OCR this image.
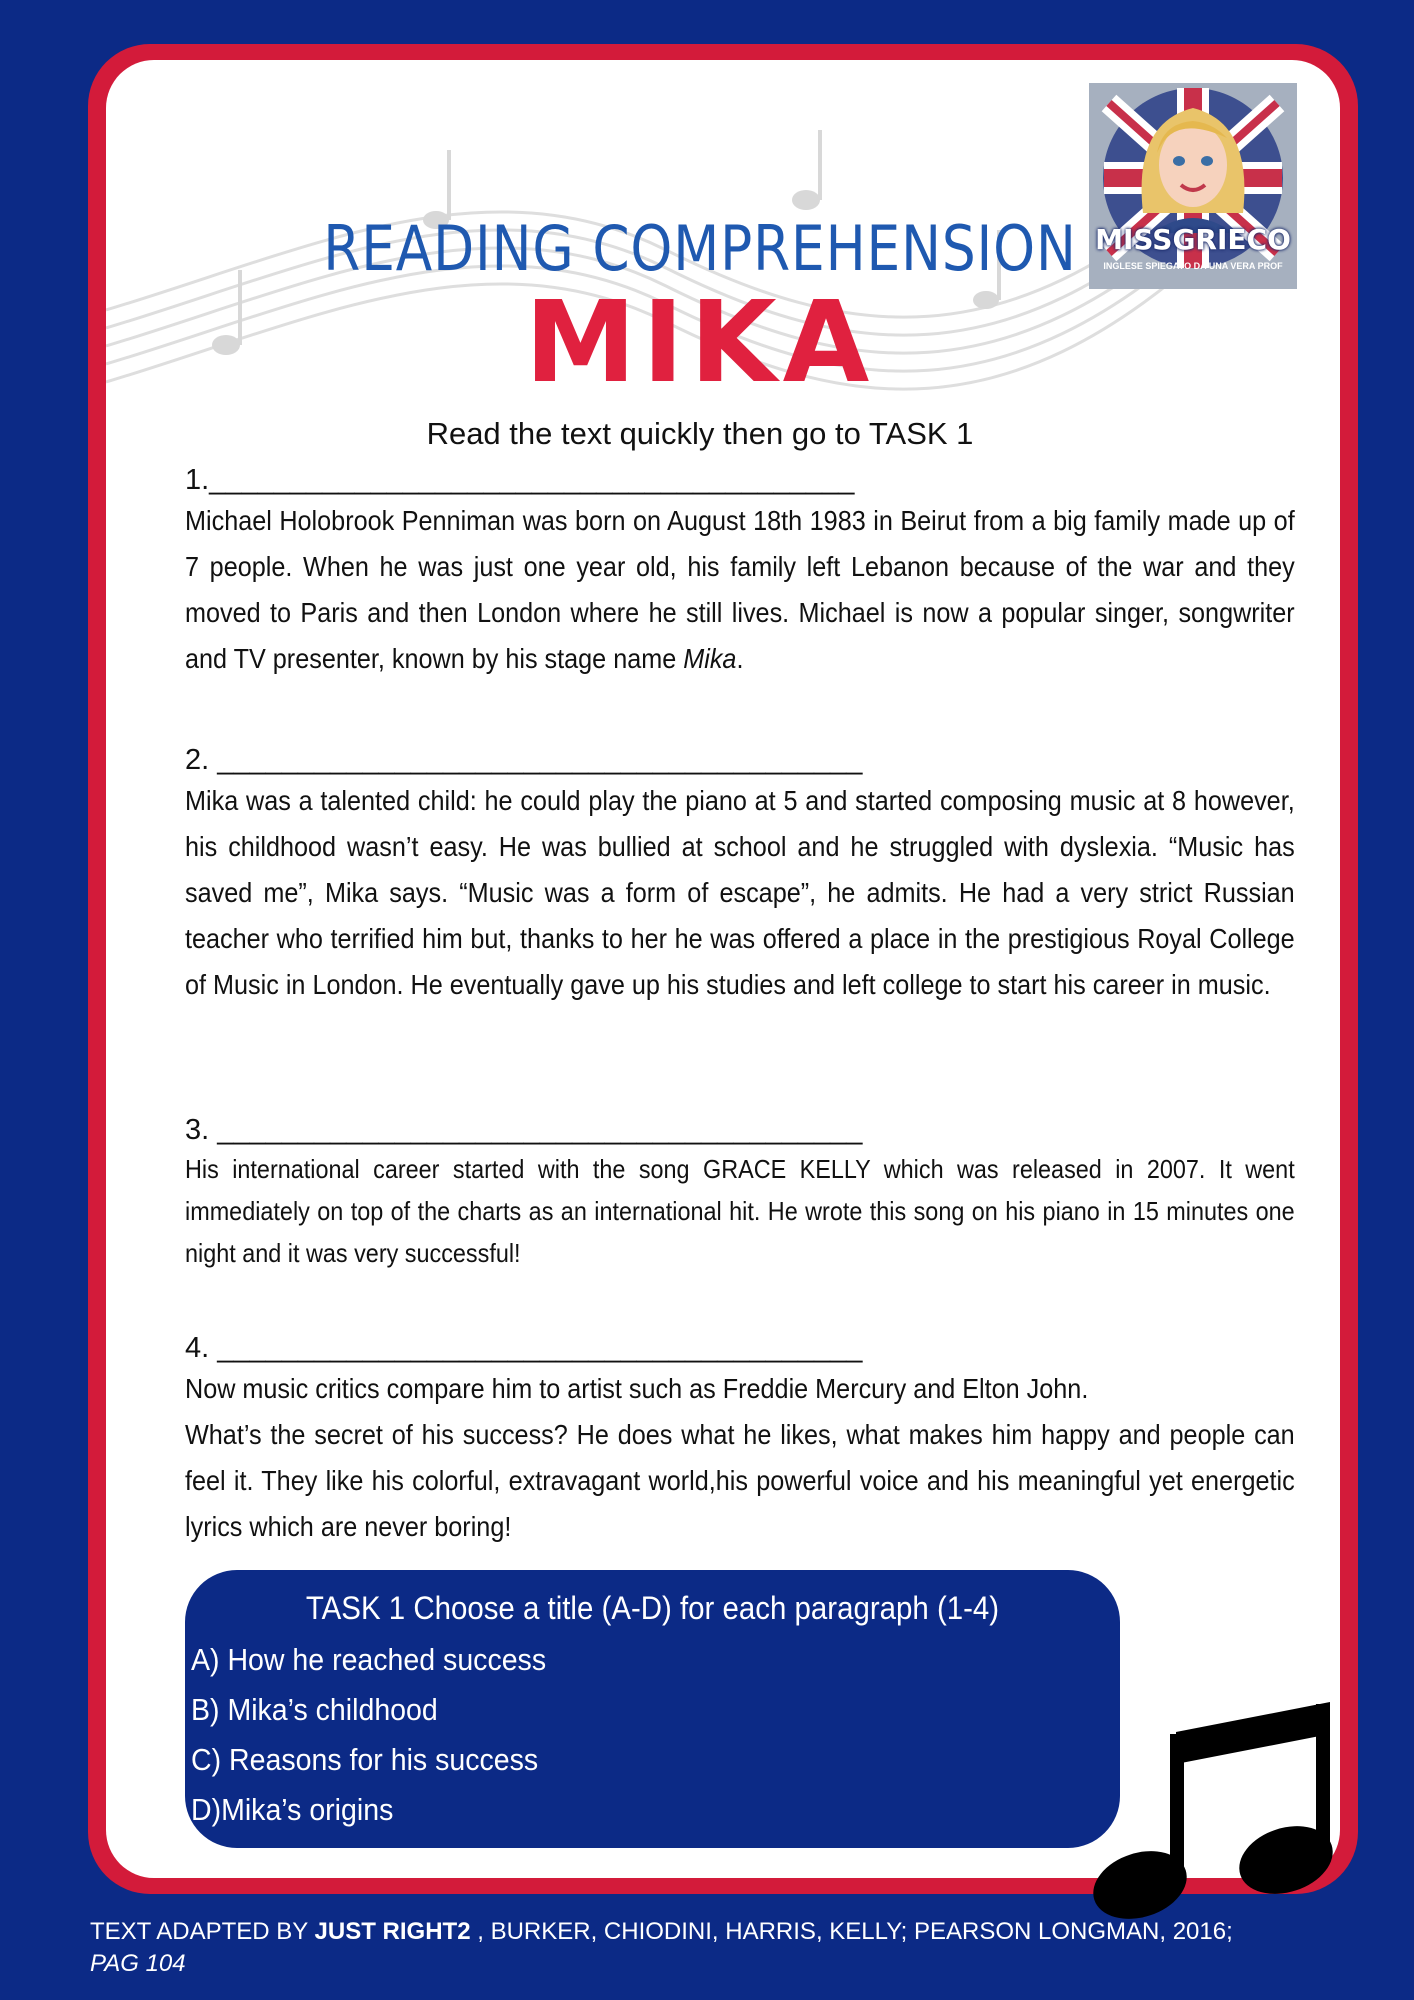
MISSGRIECO
INGLESE SPIEGATO DA UNA VERA PROF
READING COMPREHENSION
MIKA
Read the text quickly then go to TASK 1
1.________________________________________
Michael Holobrook Penniman was born on August 18th 1983 in Beirut from a big family made up of 7 people. When he was just one year old, his family left Lebanon because of the war and they moved to Paris and then London where he still lives. Michael is now a popular singer, songwriter and TV presenter, known by his stage name Mika.
2. ________________________________________
Mika was a talented child: he could play the piano at 5 and started composing music at 8 however, his childhood wasn’t easy. He was bullied at school and he struggled with dyslexia. “Music has saved me”, Mika says. “Music was a form of escape”, he admits. He had a very strict Russian teacher who terrified him but, thanks to her he was offered a place in the prestigious Royal College of Music in London. He eventually gave up his studies and left college to start his career in music.
3. ________________________________________
His international career started with the song GRACE KELLY which was released in 2007. It went immediately on top of the charts as an international hit. He wrote this song on his piano in 15 minutes one night and it was very successful!
4. ________________________________________
Now music critics compare him to artist such as Freddie Mercury and Elton John.
What’s the secret of his success? He does what he likes, what makes him happy and people can feel it. They like his colorful, extravagant world,his powerful voice and his meaningful yet energetic lyrics which are never boring!
TASK 1 Choose a title (A-D) for each paragraph (1-4)
A) How he reached success
B) Mika’s childhood
C) Reasons for his success
D)Mika’s origins
TEXT ADAPTED BY JUST RIGHT2 , BURKER, CHIODINI, HARRIS, KELLY; PEARSON LONGMAN, 2016;
PAG 104
